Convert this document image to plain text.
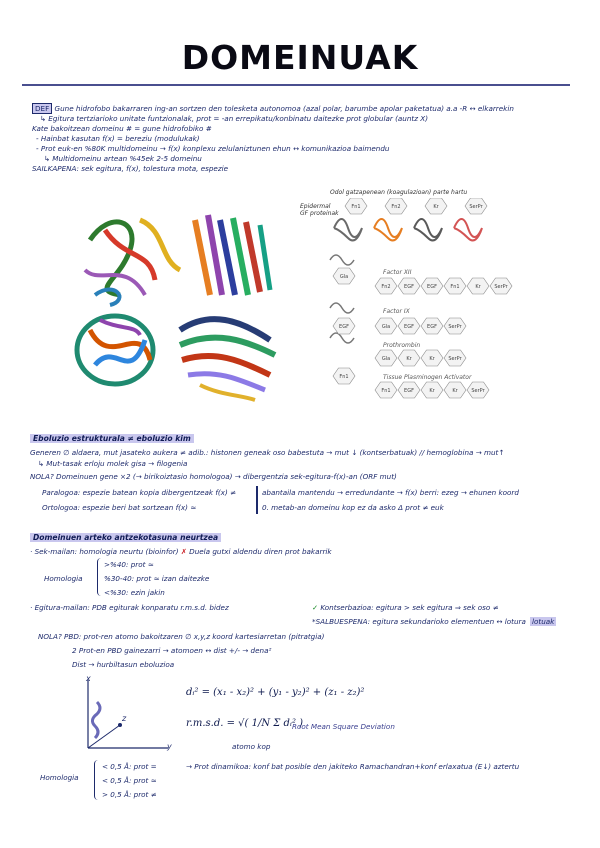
DOMEINUAK
DEF Gune hidrofobo bakarraren ing-an sortzen den tolesketa autonomoa (azal polar, barumbe apolar paketatua) a.a -R ↔ elkarrekin
↳ Egitura tertziarioko unitate funtzionalak, prot = -an errepikatu/konbinatu daitezke prot globular (auntz X)
Kate bakoitzean domeinu # = gune hidrofobiko #
- Hainbat kasutan f(x) = bereziu (modulukak)
- Prot euk-en %80K multidomeinu → f(x) konplexu zelulaniztunen ehun ↔ komunikazioa baimendu
↳ Multidomeinu artean %45ek 2-5 domeinu
SAILKAPENA: sek egitura, f(x), tolestura mota, espezie
Odol gatzapenean (koagulazioan) parte hartu
Epidermal GF proteinak
Fn1	Fn2	Kr	SerPr
Gla
EGF
Fn1
Fn2	EGF	EGF	Fn1	Kr	SerPr
Gla	EGF	EGF SerPr
Gla	Kr	Kr	SerPr
Fn1	EGF	Kr	Kr	SerPr
Factor XII
Factor IX
Prothrombin
Tissue Plasminogen Activator
Eboluzio estrukturala ≠ eboluzio kim
Generen ∅ aldaera, mut jasateko aukera ≠ adib.: histonen geneak oso babestuta → mut ↓ (kontserbatuak) // hemoglobina → mut↑
↳ Mut-tasak erloju molek gisa → filogenia
NOLA? Domeinuen gene ×2 (→ birikoiztasio homologoa) → dibergentzia sek-egitura-f(x)-an (ORF mut)
Paralogoa: espezie batean kopia dibergentzeak f(x) ≠
Ortologoa: espezie beri bat sortzean f(x) ≃
abantaila mantendu → erredundante → f(x) berri: ezeg → ehunen koord
0. metab-an domeinu kop ez da asko Δ prot ≠ euk
Domeinuen arteko antzekotasuna neurtzea
· Sek-mailan: homologia neurtu (bioinfor) ✗ Duela gutxi aldendu diren prot bakarrik
Homologia
>%40: prot ≃
%30-40: prot ≃ izan daitezke
<%30: ezin jakin
· Egitura-mailan: PDB egiturak konparatu r.m.s.d. bidez	✓ Kontserbazioa: egitura > sek egitura ⇒ sek oso ≠
*SALBUESPENA: egitura sekundarioko elementuen ↔ lotura lotuak
NOLA? PBD: prot-ren atomo bakoitzaren ∅ x,y,z koord kartesiarretan (pitratgia)
2 Prot-en PBD gainezarri → atomoen ↔ dist +/- → dena²
Dist → hurbiltasun eboluzioa
x
y
z
dᵢ² = (x₁ - x₂)² + (y₁ - y₂)² + (z₁ - z₂)²
r.m.s.d. = √( 1/N Σ dᵢ² )
Root Mean Square Deviation
atomo kop
Homologia
< 0,5 Å: prot =	→ Prot dinamikoa: konf bat posible den jakiteko Ramachandran+konf erlaxatua (E↓) aztertu
< 0,5 Å: prot ≃
> 0,5 Å: prot ≠
